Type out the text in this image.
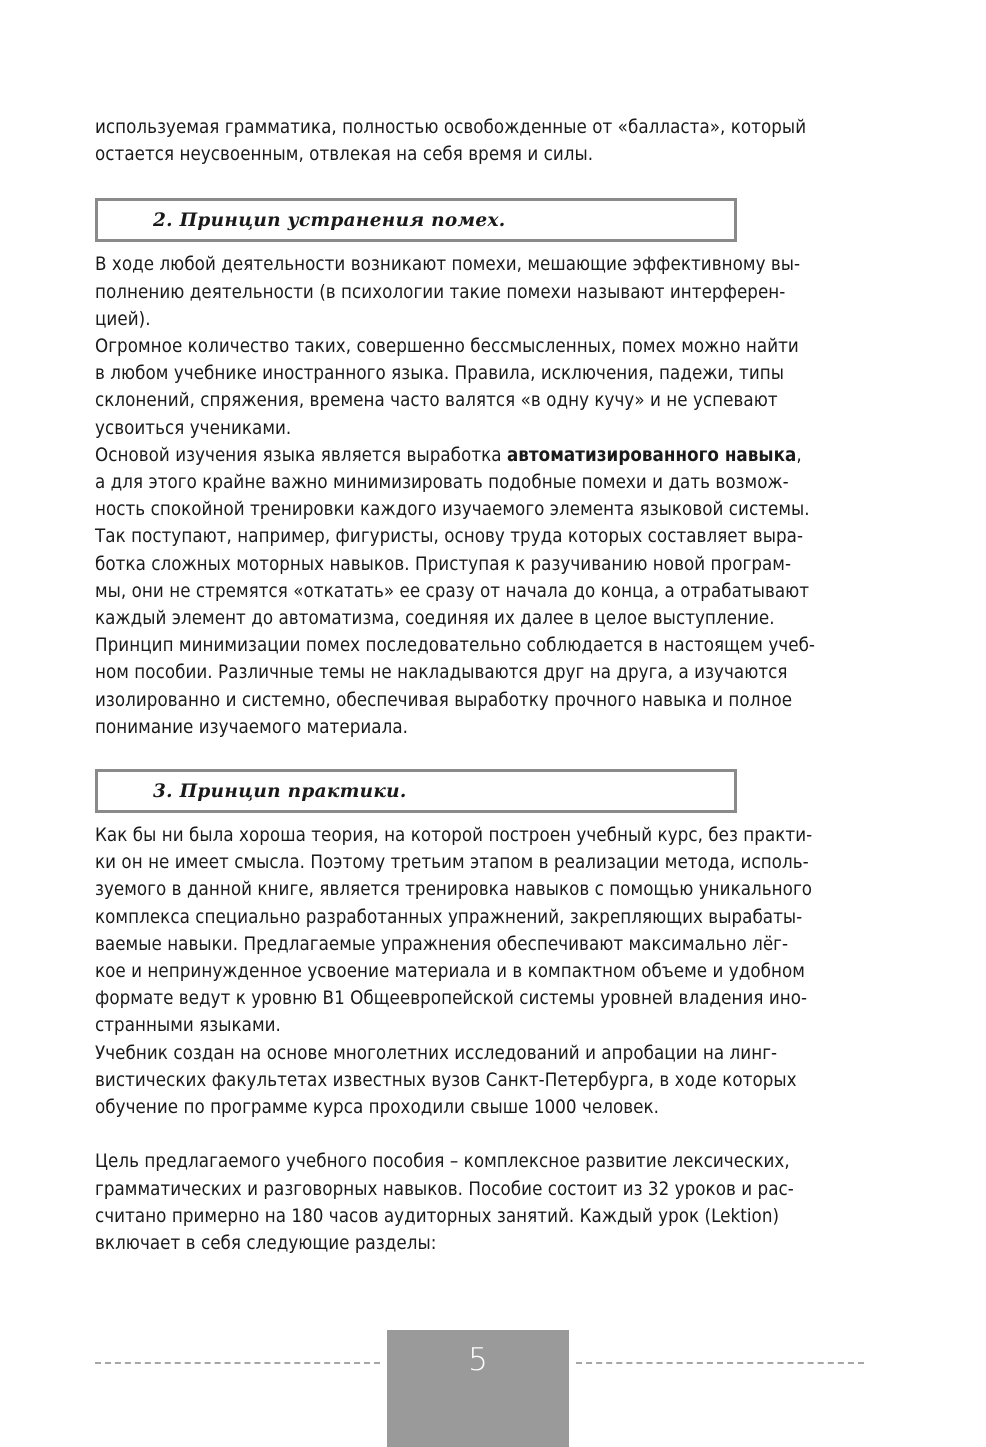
используемая грамматика, полностью освобожденные от «балласта», который

остается неусвоенным, отвлекая на себя время и силы.

2. Принцип устранения помех.

В ходе любой деятельности возникают помехи, мешающие эффективному вы-

полнению деятельности (в психологии такие помехи называют интерферен-

цией).

Огромное количество таких, совершенно бессмысленных, помех можно найти

в любом учебнике иностранного языка. Правила, исключения, падежи, типы

склонений, спряжения, времена часто валятся «в одну кучу» и не успевают

усвоиться учениками.

Основой изучения языка является выработка автоматизированного навыка,

а для этого крайне важно минимизировать подобные помехи и дать возмож-

ность спокойной тренировки каждого изучаемого элемента языковой системы.

Так поступают, например, фигуристы, основу труда которых составляет выра-

ботка сложных моторных навыков. Приступая к разучиванию новой програм-

мы, они не стремятся «откатать» ее сразу от начала до конца, а отрабатывают

каждый элемент до автоматизма, соединяя их далее в целое выступление.

Принцип минимизации помех последовательно соблюдается в настоящем учеб-

ном пособии. Различные темы не накладываются друг на друга, а изучаются

изолированно и системно, обеспечивая выработку прочного навыка и полное

понимание изучаемого материала.

3. Принцип практики.

Как бы ни была хороша теория, на которой построен учебный курс, без практи-

ки он не имеет смысла. Поэтому третьим этапом в реализации метода, исполь-

зуемого в данной книге, является тренировка навыков с помощью уникального

комплекса специально разработанных упражнений, закрепляющих вырабаты-

ваемые навыки. Предлагаемые упражнения обеспечивают максимально лёг-

кое и непринужденное усвоение материала и в компактном объеме и удобном

формате ведут к уровню B1 Общеевропейской системы уровней владения ино-

странными языками.

Учебник создан на основе многолетних исследований и апробации на линг-

вистических факультетах известных вузов Санкт-Петербурга, в ходе которых

обучение по программе курса проходили свыше 1000 человек.

Цель предлагаемого учебного пособия – комплексное развитие лексических,

грамматических и разговорных навыков. Пособие состоит из 32 уроков и рас-

считано примерно на 180 часов аудиторных занятий. Каждый урок (Lektion)

включает в себя следующие разделы:

5
